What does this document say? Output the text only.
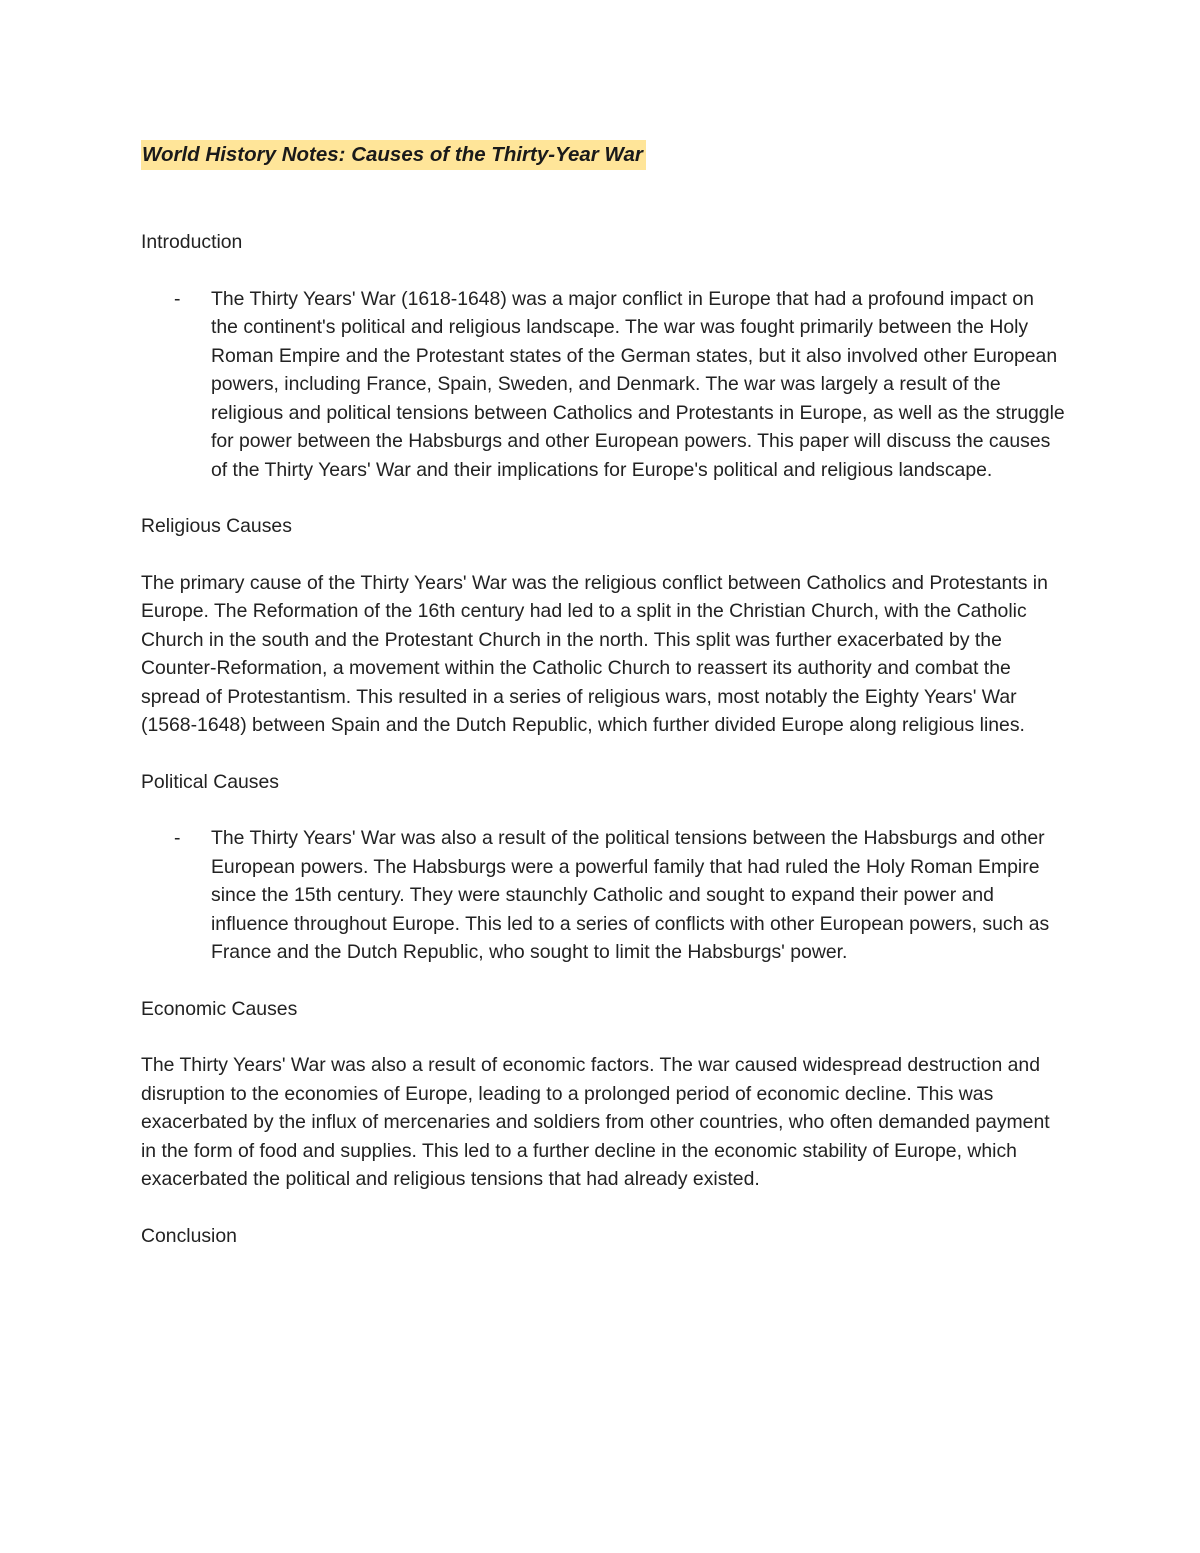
World History Notes: Causes of the Thirty-Year War

Introduction

- The Thirty Years' War (1618-1648) was a major conflict in Europe that had a profound impact on the continent's political and religious landscape. The war was fought primarily between the Holy Roman Empire and the Protestant states of the German states, but it also involved other European powers, including France, Spain, Sweden, and Denmark. The war was largely a result of the religious and political tensions between Catholics and Protestants in Europe, as well as the struggle for power between the Habsburgs and other European powers. This paper will discuss the causes of the Thirty Years' War and their implications for Europe's political and religious landscape.

Religious Causes

The primary cause of the Thirty Years' War was the religious conflict between Catholics and Protestants in Europe. The Reformation of the 16th century had led to a split in the Christian Church, with the Catholic Church in the south and the Protestant Church in the north. This split was further exacerbated by the Counter-Reformation, a movement within the Catholic Church to reassert its authority and combat the spread of Protestantism. This resulted in a series of religious wars, most notably the Eighty Years' War (1568-1648) between Spain and the Dutch Republic, which further divided Europe along religious lines.

Political Causes

- The Thirty Years' War was also a result of the political tensions between the Habsburgs and other European powers. The Habsburgs were a powerful family that had ruled the Holy Roman Empire since the 15th century. They were staunchly Catholic and sought to expand their power and influence throughout Europe. This led to a series of conflicts with other European powers, such as France and the Dutch Republic, who sought to limit the Habsburgs' power.

Economic Causes

The Thirty Years' War was also a result of economic factors. The war caused widespread destruction and disruption to the economies of Europe, leading to a prolonged period of economic decline. This was exacerbated by the influx of mercenaries and soldiers from other countries, who often demanded payment in the form of food and supplies. This led to a further decline in the economic stability of Europe, which exacerbated the political and religious tensions that had already existed.

Conclusion
